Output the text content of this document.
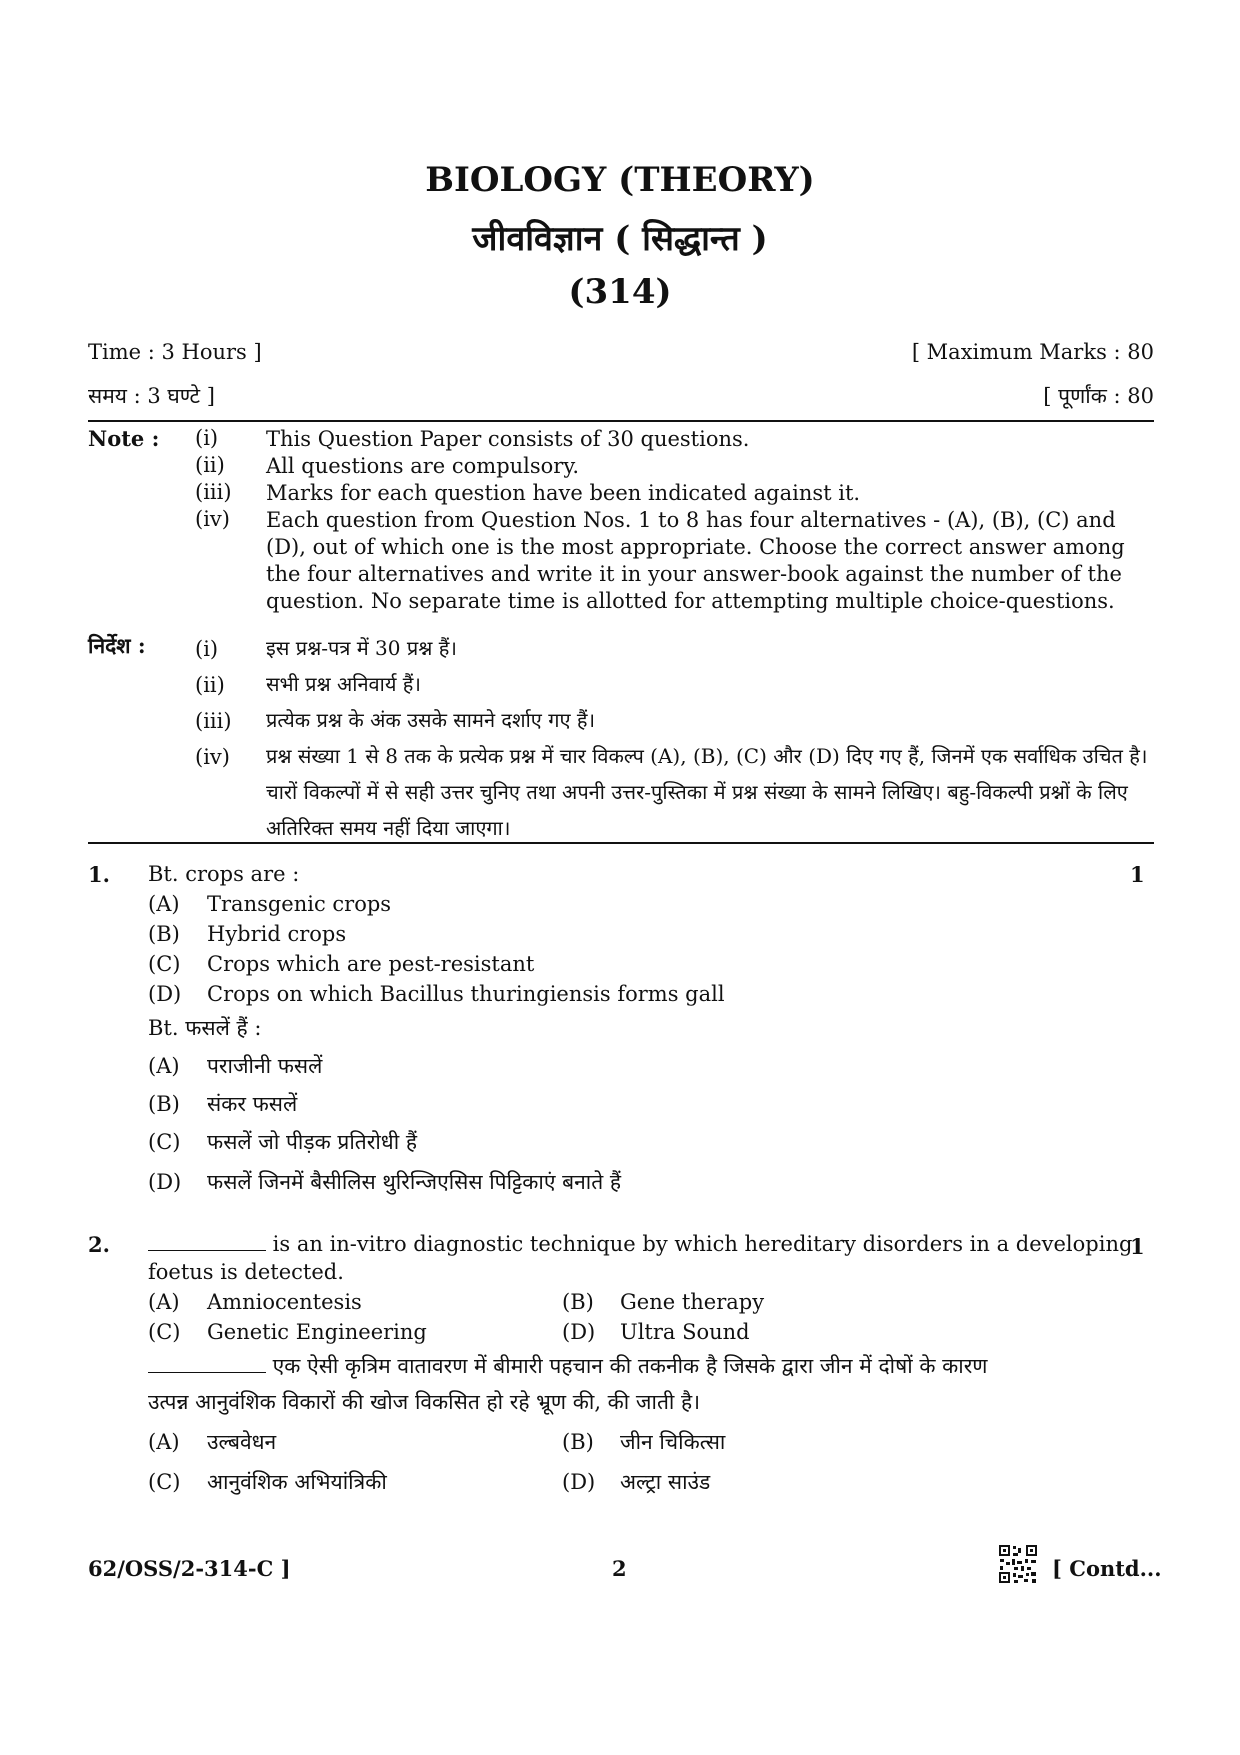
BIOLOGY (THEORY)
जीवविज्ञान ( सिद्धान्त )
(314)
Time : 3 Hours ]	[ Maximum Marks : 80
समय : 3 घण्टे ]	[ पूर्णांक : 80
Note : (i) This Question Paper consists of 30 questions.
(ii) All questions are compulsory.
(iii) Marks for each question have been indicated against it.
(iv) Each question from Question Nos. 1 to 8 has four alternatives - (A), (B), (C) and (D), out of which one is the most appropriate. Choose the correct answer among the four alternatives and write it in your answer-book against the number of the question. No separate time is allotted for attempting multiple choice-questions.
निर्देश : (i) इस प्रश्न-पत्र में 30 प्रश्न हैं।
(ii) सभी प्रश्न अनिवार्य हैं।
(iii) प्रत्येक प्रश्न के अंक उसके सामने दर्शाए गए हैं।
(iv) प्रश्न संख्या 1 से 8 तक के प्रत्येक प्रश्न में चार विकल्प (A), (B), (C) और (D) दिए गए हैं, जिनमें एक सर्वाधिक उचित है। चारों विकल्पों में से सही उत्तर चुनिए तथा अपनी उत्तर-पुस्तिका में प्रश्न संख्या के सामने लिखिए। बहु-विकल्पी प्रश्नों के लिए अतिरिक्त समय नहीं दिया जाएगा।
1. Bt. crops are :	1
(A) Transgenic crops
(B) Hybrid crops
(C) Crops which are pest-resistant
(D) Crops on which Bacillus thuringiensis forms gall
Bt. फसलें हैं :
(A) पराजीनी फसलें
(B) संकर फसलें
(C) फसलें जो पीड़क प्रतिरोधी हैं
(D) फसलें जिनमें बैसीलिस थुरिन्जिएसिस पिट्टिकाएं बनाते हैं
2.	is an in-vitro diagnostic technique by which hereditary disorders in a developing
1
foetus is detected.
(A) Amniocentesis	(B) Gene therapy
(C) Genetic Engineering	(D) Ultra Sound
एक ऐसी कृत्रिम वातावरण में बीमारी पहचान की तकनीक है जिसके द्वारा जीन में दोषों के कारण
उत्पन्न आनुवंशिक विकारों की खोज विकसित हो रहे भ्रूण की, की जाती है।
(A) उल्बवेधन	(B) जीन चिकित्सा
(C) आनुवंशिक अभियांत्रिकी	(D) अल्ट्रा साउंड
62/OSS/2-314-C ]	2	[ Contd...
